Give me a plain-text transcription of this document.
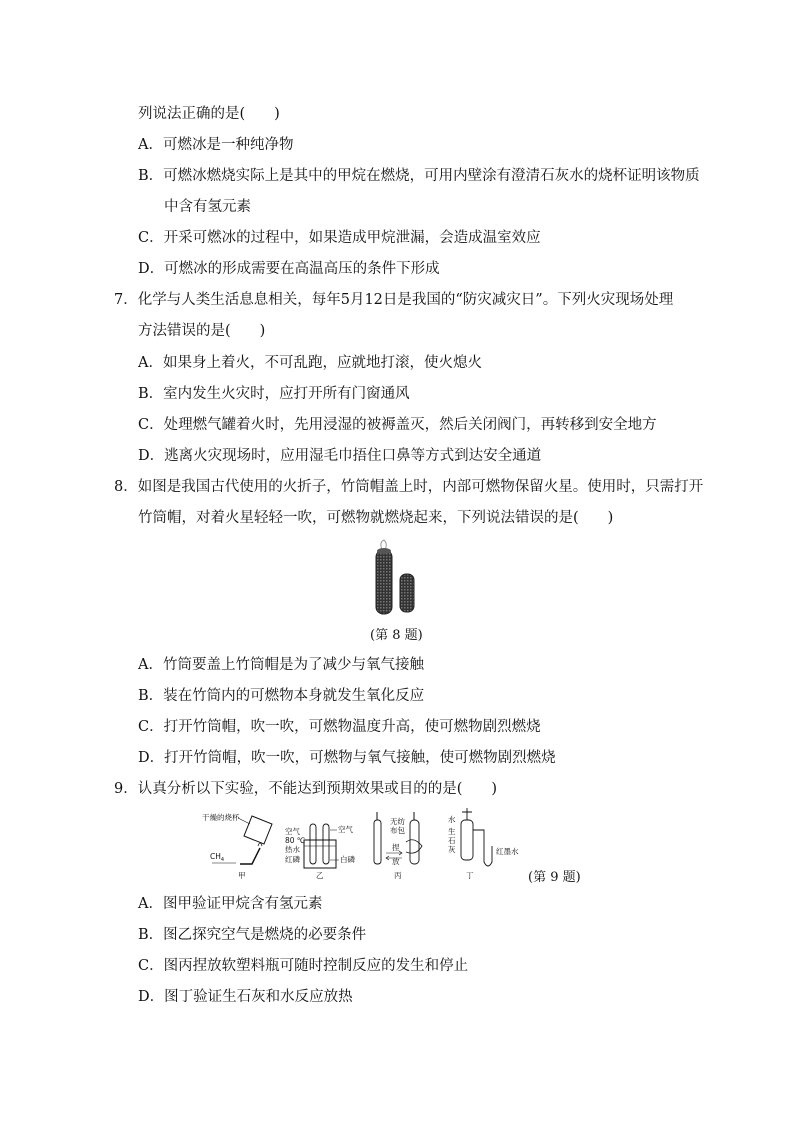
列说法正确的是(　　)
A．可燃冰是一种纯净物
B．可燃冰燃烧实际上是其中的甲烷在燃烧，可用内壁涂有澄清石灰水的烧杯证明该物质
中含有氢元素
C．开采可燃冰的过程中，如果造成甲烷泄漏，会造成温室效应
D．可燃冰的形成需要在高温高压的条件下形成
7．化学与人类生活息息相关，每年5月12日是我国的“防灾减灾日”。下列火灾现场处理
方法错误的是(　　)
A．如果身上着火，不可乱跑，应就地打滚，使火熄火
B．室内发生火灾时，应打开所有门窗通风
C．处理燃气罐着火时，先用浸湿的被褥盖灭，然后关闭阀门，再转移到安全地方
D．逃离火灾现场时，应用湿毛巾捂住口鼻等方式到达安全通道
8．如图是我国古代使用的火折子，竹筒帽盖上时，内部可燃物保留火星。使用时，只需打开
竹筒帽，对着火星轻轻一吹，可燃物就燃烧起来，下列说法错误的是(　　)
(第 8 题)
A．竹筒要盖上竹筒帽是为了减少与氧气接触
B．装在竹筒内的可燃物本身就发生氧化反应
C．打开竹筒帽，吹一吹，可燃物温度升高，使可燃物剧烈燃烧
D．打开竹筒帽，吹一吹，可燃物与氧气接触，使可燃物剧烈燃烧
9．认真分析以下实验，不能达到预期效果或目的的是(　　)
干燥的烧杯
$CH_4$
甲
空气
80 ℃
热水
红磷
空气
白磷
乙
无纺
布包
捏
放
丙
水
生
石
灰	红墨水
丁	(第 9 题)
A．图甲验证甲烷含有氢元素
B．图乙探究空气是燃烧的必要条件
C．图丙捏放软塑料瓶可随时控制反应的发生和停止
D．图丁验证生石灰和水反应放热
